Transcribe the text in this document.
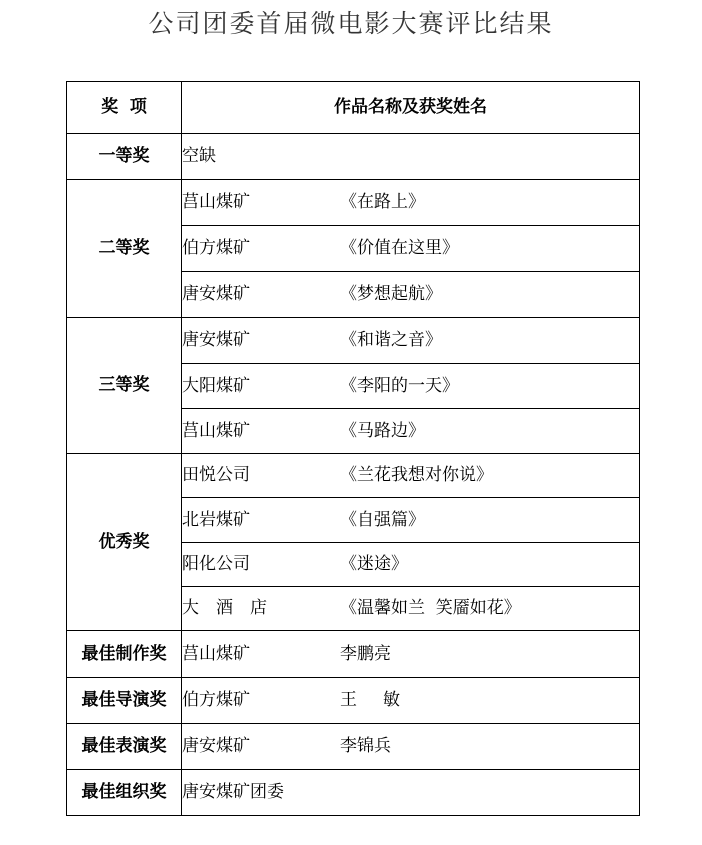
公司团委首届微电影大赛评比结果
奖  项	作品名称及获奖姓名
一等奖	空缺
二等奖	莒山煤矿 《在路上》
	伯方煤矿 《价值在这里》
	唐安煤矿 《梦想起航》
三等奖	唐安煤矿 《和谐之音》
	大阳煤矿 《李阳的一天》
	莒山煤矿 《马路边》
优秀奖	田悦公司 《兰花我想对你说》
	北岩煤矿 《自强篇》
	阳化公司 《迷途》
	大 酒 店 《温馨如兰  笑靥如花》
最佳制作奖	莒山煤矿 李鹏亮
最佳导演奖	伯方煤矿 王 敏
最佳表演奖	唐安煤矿 李锦兵
最佳组织奖	唐安煤矿团委
